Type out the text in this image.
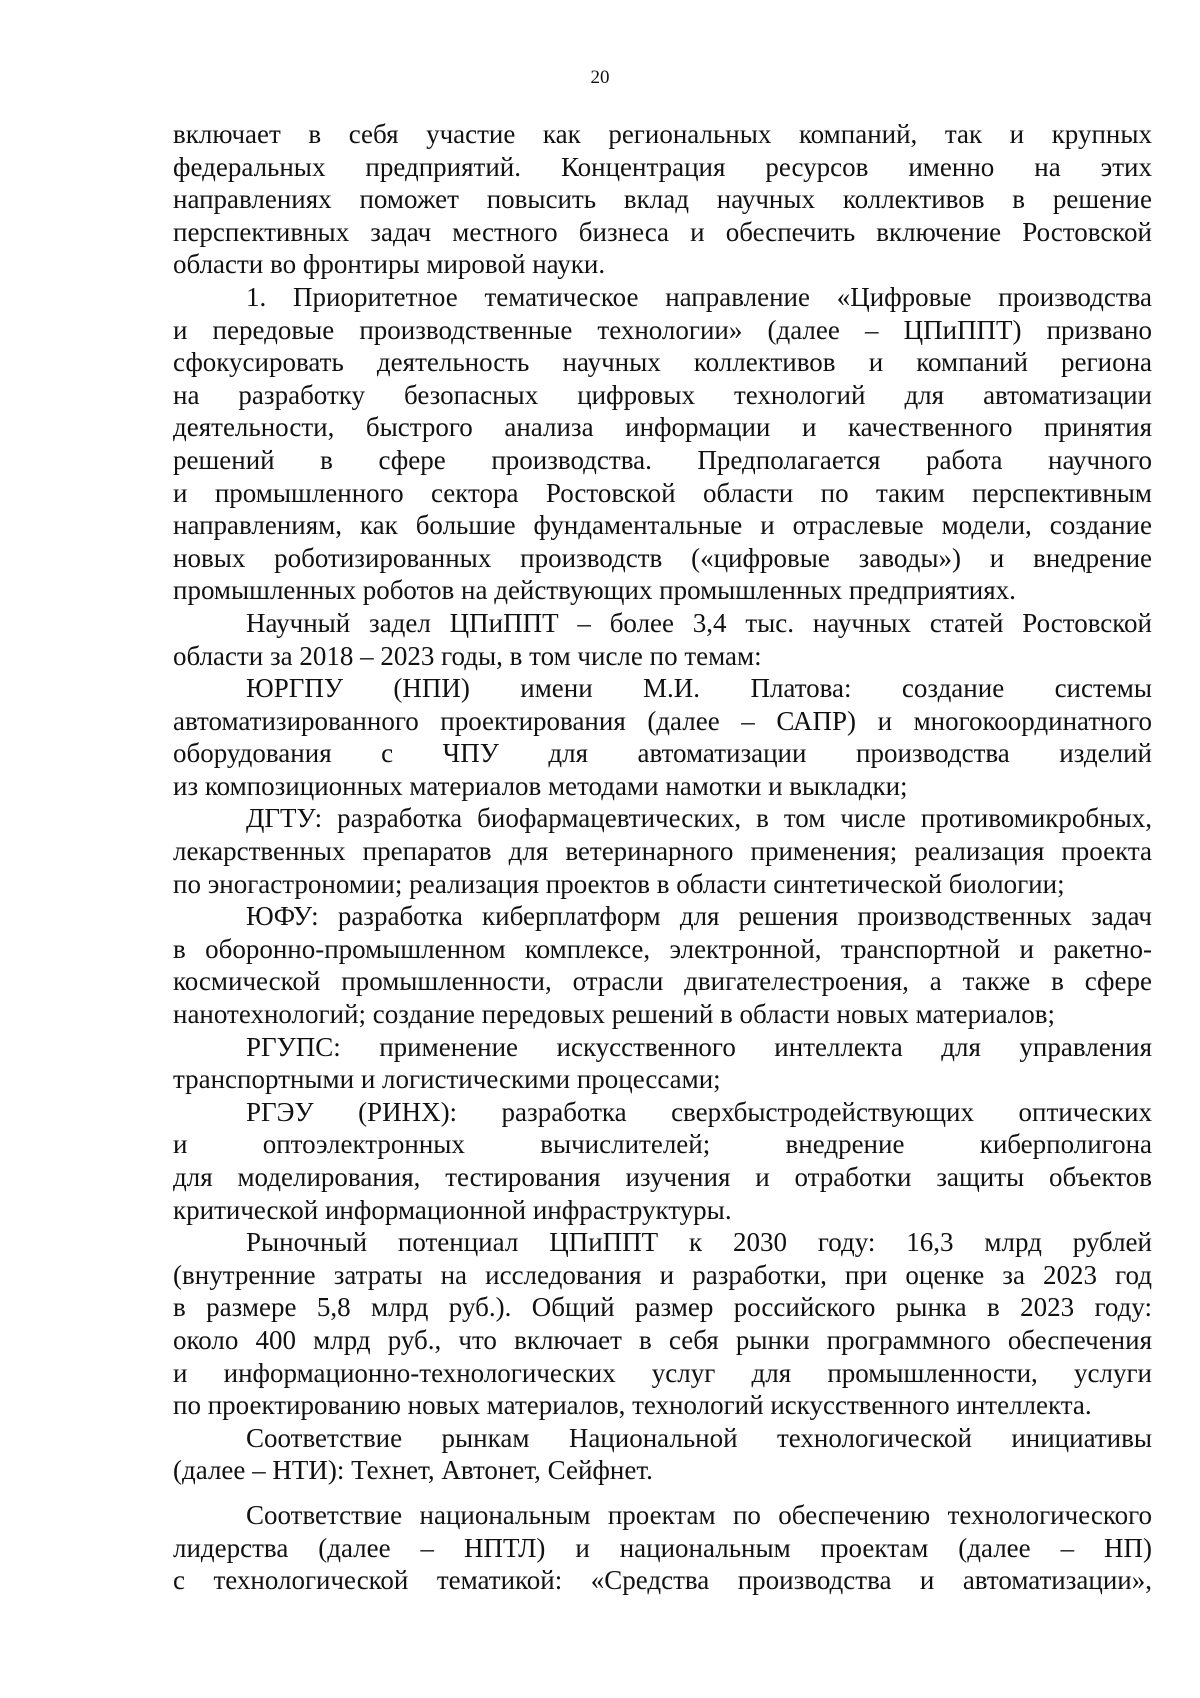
20
включает в себя участие как региональных компаний, так и крупных
федеральных предприятий. Концентрация ресурсов именно на этих
направлениях поможет повысить вклад научных коллективов в решение
перспективных задач местного бизнеса и обеспечить включение Ростовской
области во фронтиры мировой науки.
1. Приоритетное тематическое направление «Цифровые производства
и передовые производственные технологии» (далее – ЦПиППТ) призвано
сфокусировать деятельность научных коллективов и компаний региона
на разработку безопасных цифровых технологий для автоматизации
деятельности, быстрого анализа информации и качественного принятия
решений в сфере производства. Предполагается работа научного
и промышленного сектора Ростовской области по таким перспективным
направлениям, как большие фундаментальные и отраслевые модели, создание
новых роботизированных производств («цифровые заводы») и внедрение
промышленных роботов на действующих промышленных предприятиях.
Научный задел ЦПиППТ – более 3,4 тыс. научных статей Ростовской
области за 2018 – 2023 годы, в том числе по темам:
ЮРГПУ (НПИ) имени М.И. Платова: создание системы
автоматизированного проектирования (далее – САПР) и многокоординатного
оборудования с ЧПУ для автоматизации производства изделий
из композиционных материалов методами намотки и выкладки;
ДГТУ: разработка биофармацевтических, в том числе противомикробных,
лекарственных препаратов для ветеринарного применения; реализация проекта
по эногастрономии; реализация проектов в области синтетической биологии;
ЮФУ: разработка киберплатформ для решения производственных задач
в оборонно-промышленном комплексе, электронной, транспортной и ракетно-
космической промышленности, отрасли двигателестроения, а также в сфере
нанотехнологий; создание передовых решений в области новых материалов;
РГУПС: применение искусственного интеллекта для управления
транспортными и логистическими процессами;
РГЭУ (РИНХ): разработка сверхбыстродействующих оптических
и оптоэлектронных вычислителей; внедрение киберполигона
для моделирования, тестирования изучения и отработки защиты объектов
критической информационной инфраструктуры.
Рыночный потенциал ЦПиППТ к 2030 году: 16,3 млрд рублей
(внутренние затраты на исследования и разработки, при оценке за 2023 год
в размере 5,8 млрд руб.). Общий размер российского рынка в 2023 году:
около 400 млрд руб., что включает в себя рынки программного обеспечения
и информационно-технологических услуг для промышленности, услуги
по проектированию новых материалов, технологий искусственного интеллекта.
Соответствие рынкам Национальной технологической инициативы
(далее – НТИ): Технет, Автонет, Сейфнет.
Соответствие национальным проектам по обеспечению технологического
лидерства (далее – НПТЛ) и национальным проектам (далее – НП)
с технологической тематикой: «Средства производства и автоматизации»,
